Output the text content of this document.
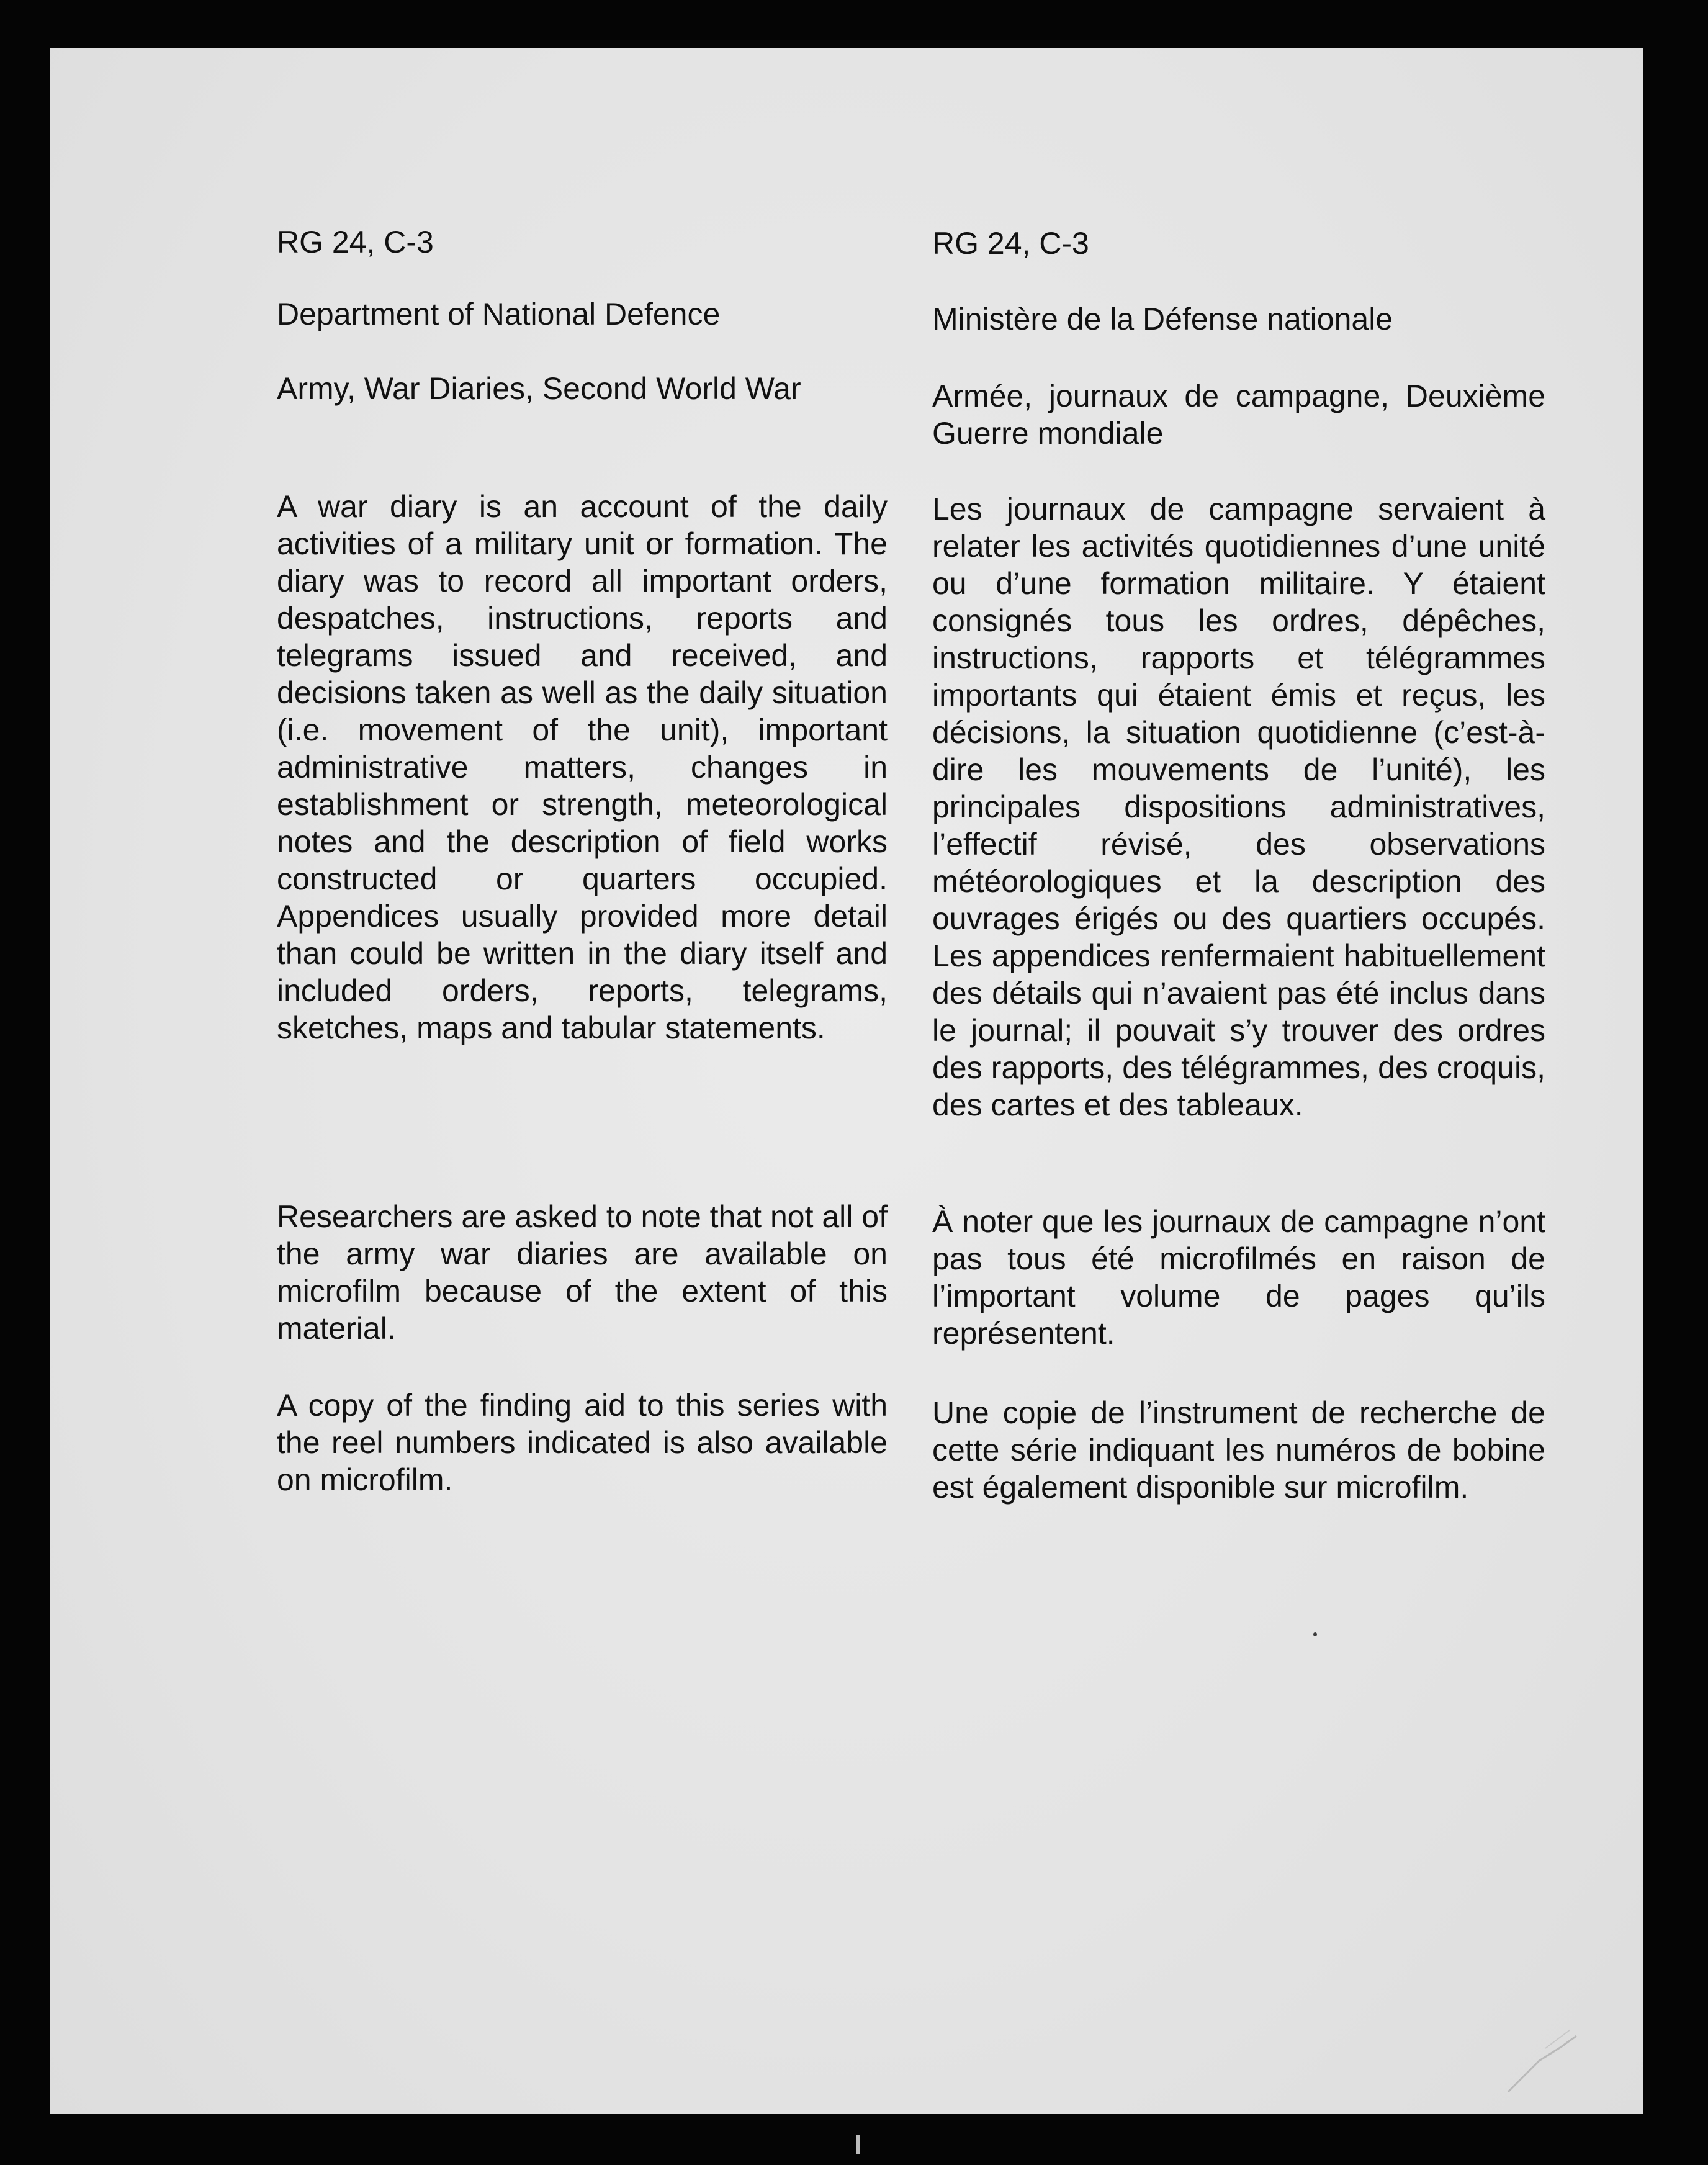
RG 24, C-3

Department of National Defence

Army, War Diaries, Second World War

A war diary is an account of the daily activities of a military unit or formation. The diary was to record all important orders, despatches, instructions, reports and telegrams issued and received, and decisions taken as well as the daily situation (i.e. movement of the unit), important administrative matters, changes in establishment or strength, meteorological notes and the description of field works constructed or quarters occupied. Appendices usually provided more detail than could be written in the diary itself and included orders, reports, telegrams, sketches, maps and tabular statements.

Researchers are asked to note that not all of the army war diaries are available on microfilm because of the extent of this material.

A copy of the finding aid to this series with the reel numbers indicated is also available on microfilm.

RG 24, C-3

Ministère de la Défense nationale

Armée, journaux de campagne, Deuxième Guerre mondiale

Les journaux de campagne servaient à relater les activités quotidiennes d’une unité ou d’une formation militaire. Y étaient consignés tous les ordres, dépêches, instructions, rapports et télégrammes importants qui étaient émis et reçus, les décisions, la situation quotidienne (c’est-à-dire les mouvements de l’unité), les principales dispositions administratives, l’effectif révisé, des observations météorologiques et la description des ouvrages érigés ou des quartiers occupés. Les appendices renfermaient habituellement des détails qui n’avaient pas été inclus dans le journal; il pouvait s’y trouver des ordres des rapports, des télégrammes, des croquis, des cartes et des tableaux.

À noter que les journaux de campagne n’ont pas tous été microfilmés en raison de l’important volume de pages qu’ils représentent.

Une copie de l’instrument de recherche de cette série indiquant les numéros de bobine est également disponible sur microfilm.
